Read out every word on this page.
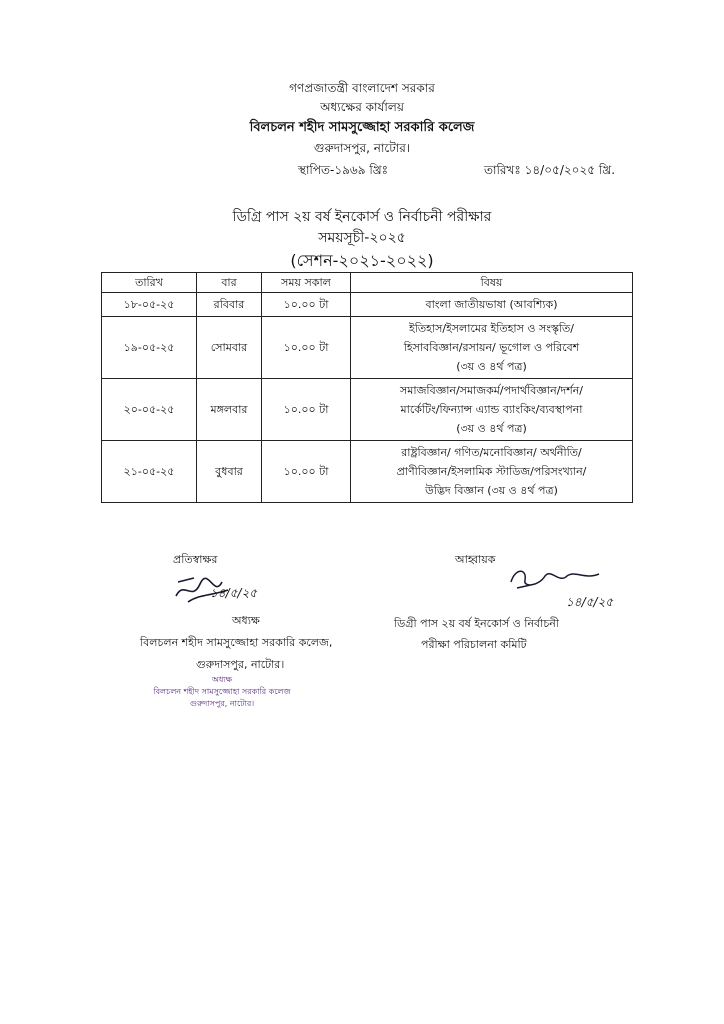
গণপ্রজাতন্ত্রী বাংলাদেশ সরকার
অধ্যক্ষের কার্যালয়
বিলচলন শহীদ সামসুজ্জোহা সরকারি কলেজ
গুরুদাসপুর, নাটোর।
স্থাপিত-১৯৬৯ খ্রিঃ	তারিখঃ ১৪/০৫/২০২৫ খ্রি.
ডিগ্রি পাস ২য় বর্ষ ইনকোর্স ও নির্বাচনী পরীক্ষার
সময়সূচী-২০২৫
(সেশন-২০২১-২০২২)
তারিখ	বার	সময় সকাল	বিষয়
১৮-০৫-২৫	রবিবার	১০.০০ টা	বাংলা জাতীয়ভাষা (আবশ্যিক)

১৯-০৫-২৫	সোমবার	১০.০০ টা	ইতিহাস/ইসলামের ইতিহাস ও সংস্কৃতি/
হিসাববিজ্ঞান/রসায়ন/ ভূগোল ও পরিবেশ
(৩য় ও ৪র্থ পত্র)

২০-০৫-২৫	মঙ্গলবার	১০.০০ টা	সমাজবিজ্ঞান/সমাজকর্ম/পদার্থবিজ্ঞান/দর্শন/
মার্কেটিং/ফিন্যান্স এ্যান্ড ব্যাংকিং/ব্যবস্থাপনা
(৩য় ও ৪র্থ পত্র)

২১-০৫-২৫	বুধবার	১০.০০ টা	রাষ্ট্রবিজ্ঞান/ গণিত/মনোবিজ্ঞান/ অর্থনীতি/
প্রাণীবিজ্ঞান/ইসলামিক স্টাডিজ/পরিসংখ্যান/
উদ্ভিদ বিজ্ঞান (৩য় ও ৪র্থ পত্র)
প্রতিস্বাক্ষর
১৪/৫/২৫
অধ্যক্ষ
বিলচলন শহীদ সামসুজ্জোহা সরকারি কলেজ,
গুরুদাসপুর, নাটোর।
অধ্যক্ষ
বিলচলন শহীদ সামসুজ্জোহা সরকারি কলেজ
গুরুদাসপুর, নাটোর।
আহ্বায়ক
১৪/৫/২৫
ডিগ্রী পাস ২য় বর্ষ ইনকোর্স ও নির্বাচনী
পরীক্ষা পরিচালনা কমিটি
